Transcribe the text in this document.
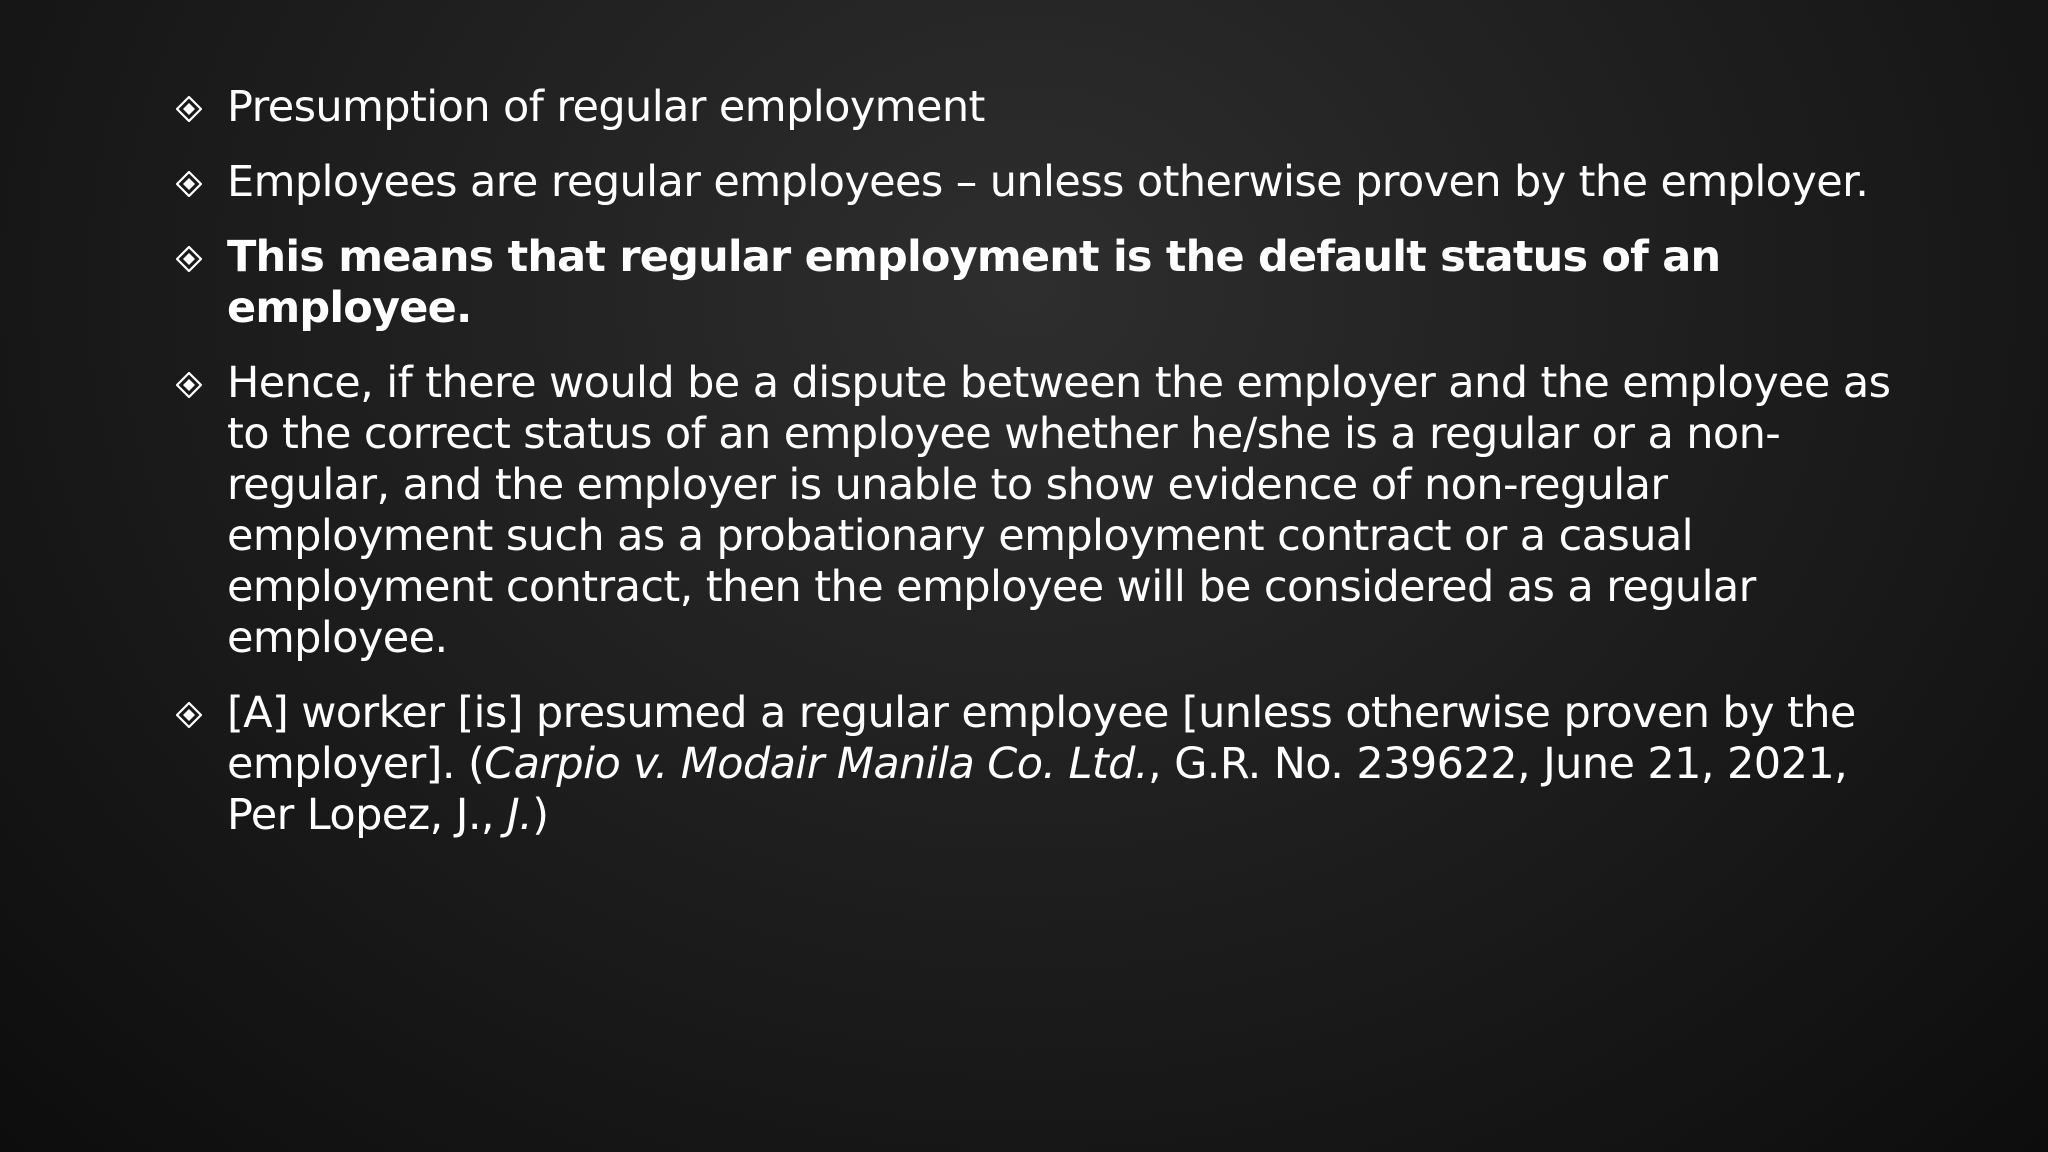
Presumption of regular employment
Employees are regular employees – unless otherwise proven by the employer.
This means that regular employment is the default status of an employee.
Hence, if there would be a dispute between the employer and the employee as to the correct status of an employee whether he/she is a regular or a non-regular, and the employer is unable to show evidence of non-regular employment such as a probationary employment contract or a casual employment contract, then the employee will be considered as a regular employee.
[A] worker [is] presumed a regular employee [unless otherwise proven by the employer]. (Carpio v. Modair Manila Co. Ltd., G.R. No. 239622, June 21, 2021, Per Lopez, J., J.)
